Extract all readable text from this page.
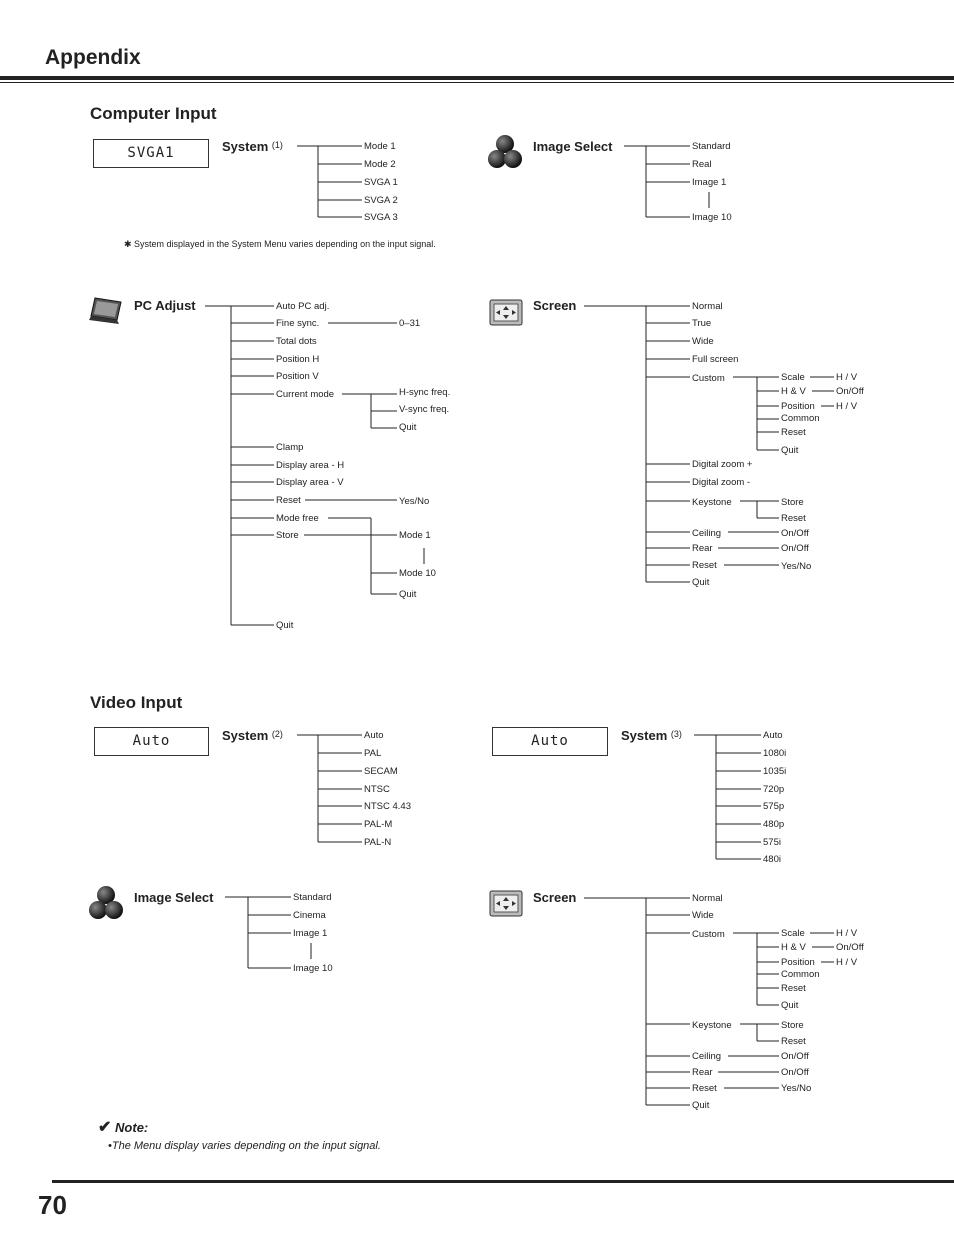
Appendix
Computer Input
SVGA1	System $^{(1)}$	Mode 1
Mode 2
SVGA 1
SVGA 2
SVGA 3
✱ System displayed in the System Menu varies depending on the input signal.
Image Select	Standard
Real
Image 1
Image 10
PC Adjust	Auto PC adj.
Fine sync.
Total dots
Position H
Position V
Current mode
Clamp
Display area - H
Display area - V
Reset
Mode free
Store
Quit
0–31
H-sync freq.
V-sync freq.
Quit
Yes/No
Mode 1
Mode 10
Quit
Screen	Normal
True
Wide
Full screen
Custom
Digital zoom +
Digital zoom -
Keystone
Ceiling
Rear
Reset
Quit
Scale
H & V
Position
Common
Reset
Quit
H / V
On/Off
H / V
Store
Reset
On/Off
On/Off
Yes/No
Video Input
Auto	System $^{(2)}$	Auto
PAL
SECAM
NTSC
NTSC 4.43
PAL-M
PAL-N
Auto	System $^{(3)}$	Auto
1080i
1035i
720p
575p
480p
575i
480i
Image Select	Standard
Cinema
Image 1
Image 10
Screen	Normal
Wide
Custom
Keystone
Ceiling
Rear
Reset
Quit
Scale
H & V
Position
Common
Reset
Quit
H / V
On/Off
H / V
Store
Reset
On/Off
On/Off
Yes/No
✔ Note:
•The Menu display varies depending on the input signal.
70
